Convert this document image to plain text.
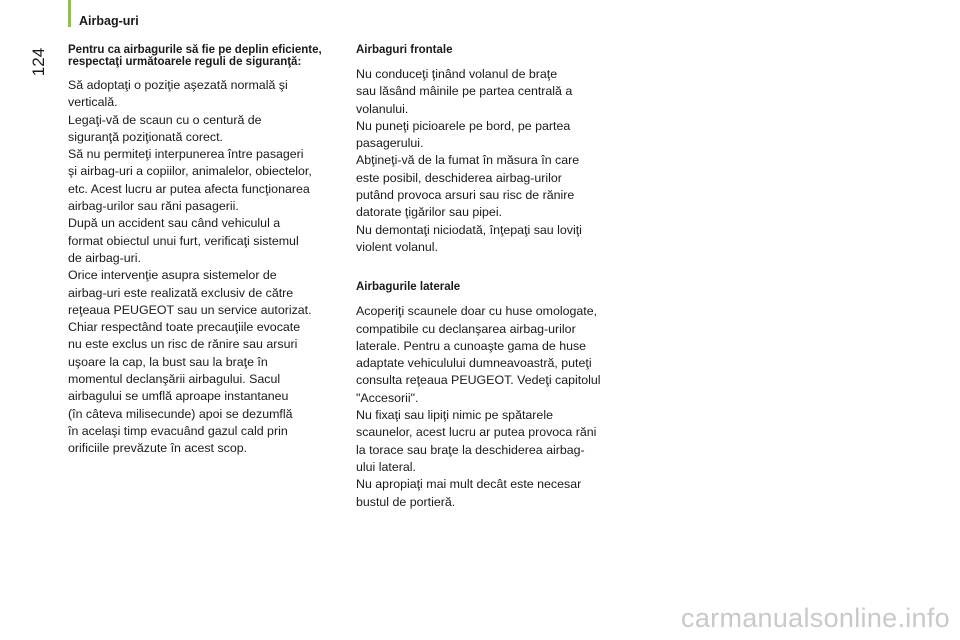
Airbag-uri
124 Pentru ca airbagurile să fie pe deplin eficiente, respectaţi următoarele reguli de siguranţă:

Să adoptaţi o poziţie aşezată normală şi

verticală.

Legaţi-vă de scaun cu o centură de

siguranţă poziţionată corect.

Să nu permiteţi interpunerea între pasageri

şi airbag-uri a copiilor, animalelor, obiectelor,

etc. Acest lucru ar putea afecta funcţionarea

airbag-urilor sau răni pasagerii.

După un accident sau când vehiculul a

format obiectul unui furt, verificaţi sistemul

de airbag-uri.

Orice intervenţie asupra sistemelor de

airbag-uri este realizată exclusiv de către

reţeaua PEUGEOT sau un service autorizat.

Chiar respectând toate precauţiile evocate

nu este exclus un risc de rănire sau arsuri

uşoare la cap, la bust sau la braţe în

momentul declanşării airbagului. Sacul

airbagului se umflă aproape instantaneu

(în câteva milisecunde) apoi se dezumflă

în acelaşi timp evacuând gazul cald prin

orificiile prevăzute în acest scop.

Airbaguri frontale

Nu conduceţi ţinând volanul de braţe

sau lăsând mâinile pe partea centrală a

volanului.

Nu puneţi picioarele pe bord, pe partea

pasagerului.

Abţineţi-vă de la fumat în măsura în care

este posibil, deschiderea airbag-urilor

putând provoca arsuri sau risc de rănire

datorate ţigărilor sau pipei.

Nu demontaţi niciodată, înţepaţi sau loviţi

violent volanul.

Airbagurile laterale

Acoperiţi scaunele doar cu huse omologate,

compatibile cu declanşarea airbag-urilor

laterale. Pentru a cunoaşte gama de huse

adaptate vehiculului dumneavoastră, puteţi

consulta reţeaua PEUGEOT. Vedeţi capitolul

"Accesorii".

Nu fixaţi sau lipiţi nimic pe spătarele

scaunelor, acest lucru ar putea provoca răni

la torace sau braţe la deschiderea airbag-

ului lateral.

Nu apropiaţi mai mult decât este necesar

bustul de portieră.

carmanualsonline.info
